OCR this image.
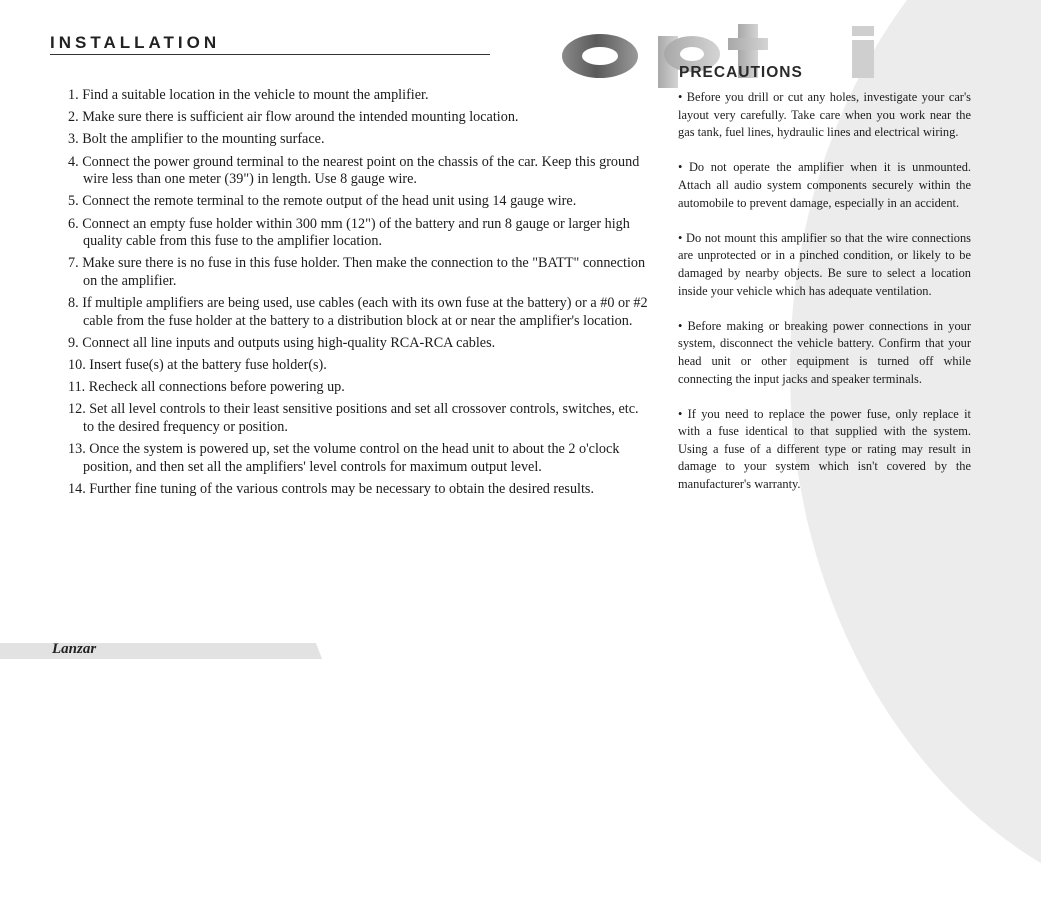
INSTALLATION
1. Find a suitable location in the vehicle to mount the amplifier.
2. Make sure there is sufficient air flow around the intended mounting location.
3. Bolt the amplifier to the mounting surface.
4. Connect the power ground terminal to the nearest point on the chassis of the car. Keep this ground wire less than one meter (39") in length. Use 8 gauge wire.
5. Connect the remote terminal to the remote output of the head unit using 14 gauge wire.
6. Connect an empty fuse holder within 300 mm (12") of the battery and run 8 gauge or larger high quality cable from this fuse to the amplifier location.
7. Make sure there is no fuse in this fuse holder. Then make the connection to the "BATT" connection on the amplifier.
8. If multiple amplifiers are being used, use cables (each with its own fuse at the battery) or a #0 or #2 cable from the fuse holder at the battery to a distribution block at or near the amplifier's location.
9. Connect all line inputs and outputs using high-quality RCA-RCA cables.
10. Insert fuse(s) at the battery fuse holder(s).
11. Recheck all connections before powering up.
12. Set all level controls to their least sensitive positions and set all crossover controls, switches, etc. to the desired frequency or position.
13. Once the system is powered up, set the volume control on the head unit to about the 2 o'clock position, and then set all the amplifiers' level controls for maximum output level.
14. Further fine tuning of the various controls may be necessary to obtain the desired results.
PRECAUTIONS

• Before you drill or cut any holes, investigate your car's layout very carefully. Take care when you work near the gas tank, fuel lines, hydraulic lines and electrical wiring.

• Do not operate the amplifier when it is unmounted. Attach all audio system components securely within the automobile to prevent damage, especially in an accident.

• Do not mount this amplifier so that the wire connections are unprotected or in a pinched condition, or likely to be damaged by nearby objects. Be sure to select a location inside your vehicle which has adequate ventilation.

• Before making or breaking power connections in your system, disconnect the vehicle battery. Confirm that your head unit or other equipment is turned off while connecting the input jacks and speaker terminals.

• If you need to replace the power fuse, only replace it with a fuse identical to that supplied with the system. Using a fuse of a different type or rating may result in damage to your system which isn't covered by the manufacturer's warranty.

Lanzar
